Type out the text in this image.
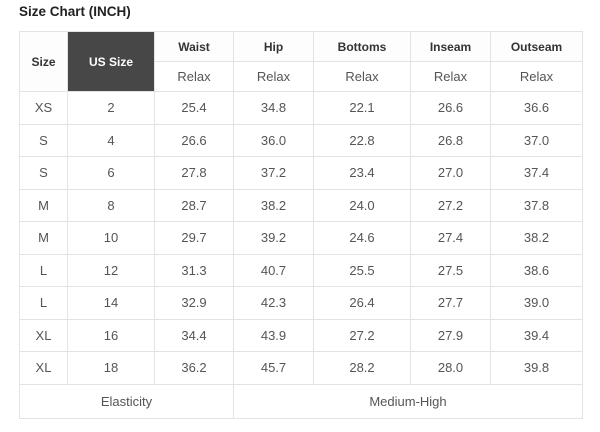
Size Chart (INCH)
Size	US Size	Waist	Hip	Bottoms	Inseam	Outseam
		Relax	Relax	Relax	Relax	Relax
XS	2	25.4	34.8	22.1	26.6	36.6
S	4	26.6	36.0	22.8	26.8	37.0
S	6	27.8	37.2	23.4	27.0	37.4
M	8	28.7	38.2	24.0	27.2	37.8
M	10	29.7	39.2	24.6	27.4	38.2
L	12	31.3	40.7	25.5	27.5	38.6
L	14	32.9	42.3	26.4	27.7	39.0
XL	16	34.4	43.9	27.2	27.9	39.4
XL	18	36.2	45.7	28.2	28.0	39.8
Elasticity			Medium-High			
